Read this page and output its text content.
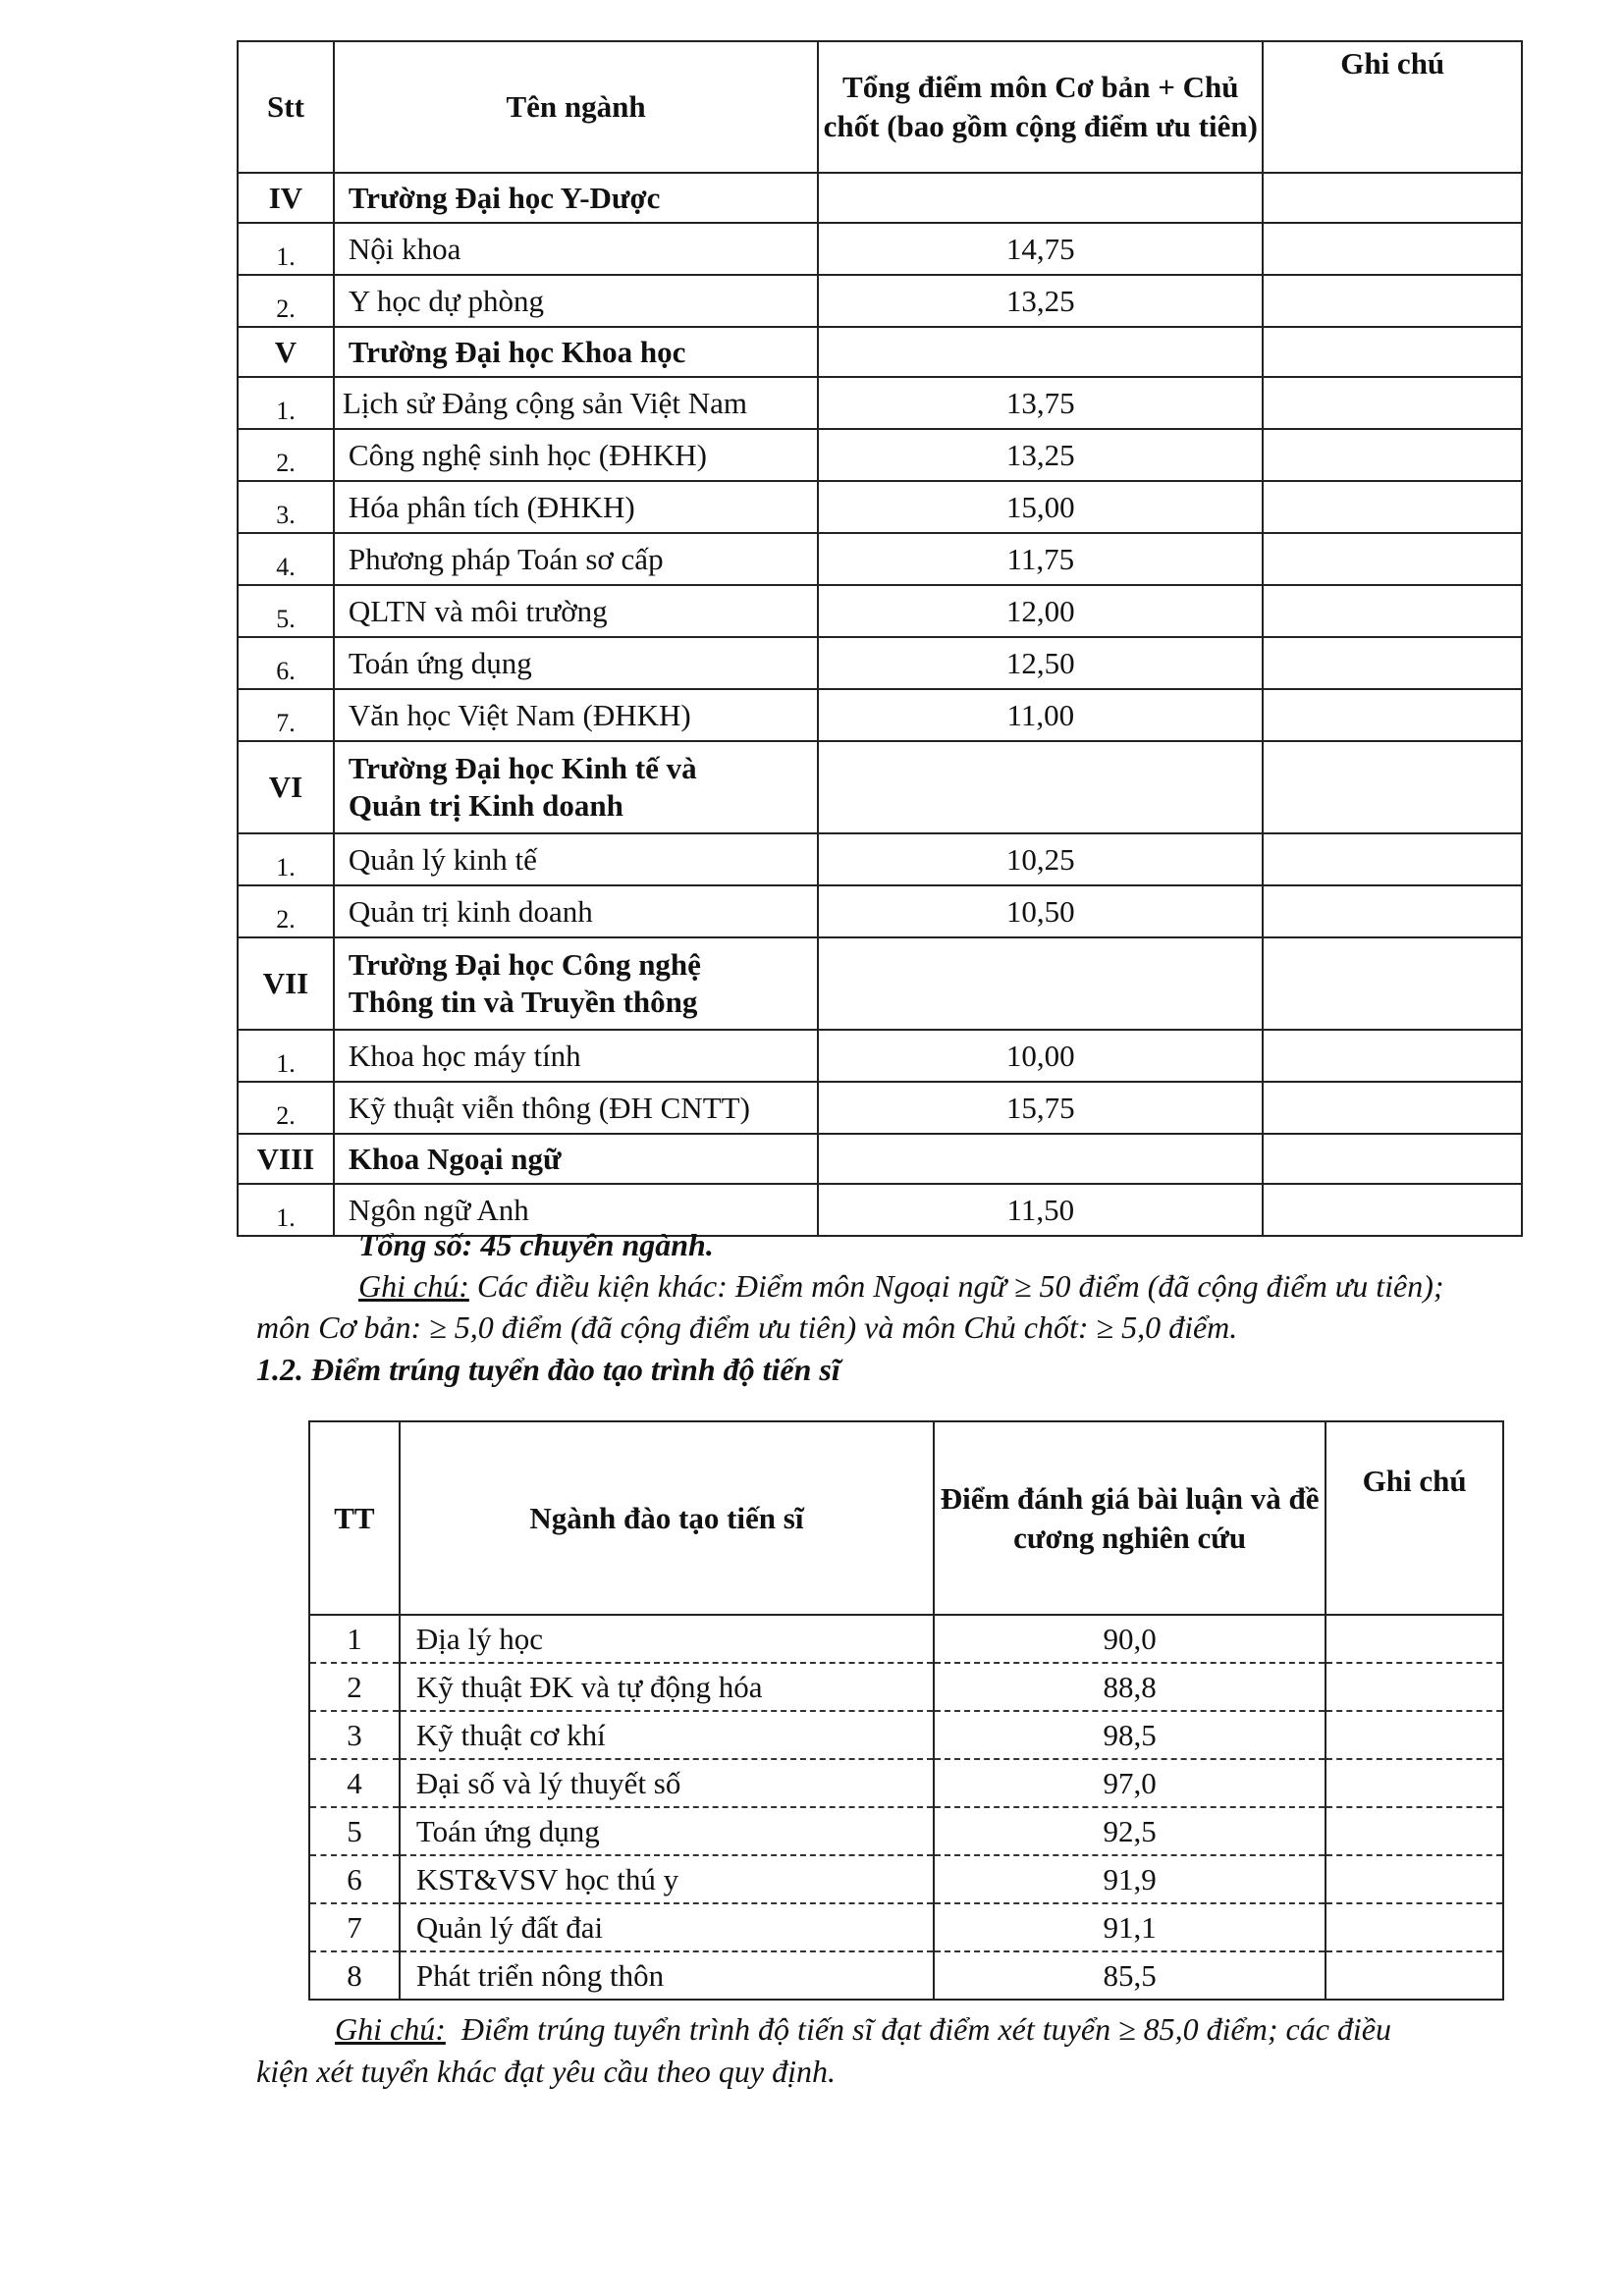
Stt	Tên ngành	Tổng điểm môn Cơ bản + Chủ chốt (bao gồm cộng điểm ưu tiên)	Ghi chú
IV	Trường Đại học Y-Dược		
1.	Nội khoa	14,75	
2.	Y học dự phòng	13,25	
V	Trường Đại học Khoa học		
1.	Lịch sử Đảng cộng sản Việt Nam	13,75	
2.	Công nghệ sinh học (ĐHKH)	13,25	
3.	Hóa phân tích (ĐHKH)	15,00	
4.	Phương pháp Toán sơ cấp	11,75	
5.	QLTN và môi trường	12,00	
6.	Toán ứng dụng	12,50	
7.	Văn học Việt Nam (ĐHKH)	11,00	
VI	Trường Đại học Kinh tế và
Quản trị Kinh doanh		
1.	Quản lý kinh tế	10,25	
2.	Quản trị kinh doanh	10,50	
VII	Trường Đại học Công nghệ
Thông tin và Truyền thông		
1.	Khoa học máy tính	10,00	
2.	Kỹ thuật viễn thông (ĐH CNTT)	15,75	
VIII	Khoa Ngoại ngữ		
1.	Ngôn ngữ Anh	11,50	

Tổng số: 45 chuyên ngành.

Ghi chú: Các điều kiện khác: Điểm môn Ngoại ngữ ≥ 50 điểm (đã cộng điểm ưu tiên);

môn Cơ bản: ≥ 5,0 điểm (đã cộng điểm ưu tiên) và môn Chủ chốt: ≥ 5,0 điểm.

1.2. Điểm trúng tuyển đào tạo trình độ tiến sĩ

TT	Ngành đào tạo tiến sĩ	Điểm đánh giá bài luận và đề cương nghiên cứu	Ghi chú
1	Địa lý học	90,0	
2	Kỹ thuật ĐK và tự động hóa	88,8	
3	Kỹ thuật cơ khí	98,5	
4	Đại số và lý thuyết số	97,0	
5	Toán ứng dụng	92,5	
6	KST&VSV học thú y	91,9	
7	Quản lý đất đai	91,1	
8	Phát triển nông thôn	85,5	

Ghi chú:  Điểm trúng tuyển trình độ tiến sĩ đạt điểm xét tuyển ≥ 85,0 điểm; các điều

kiện xét tuyển khác đạt yêu cầu theo quy định.
